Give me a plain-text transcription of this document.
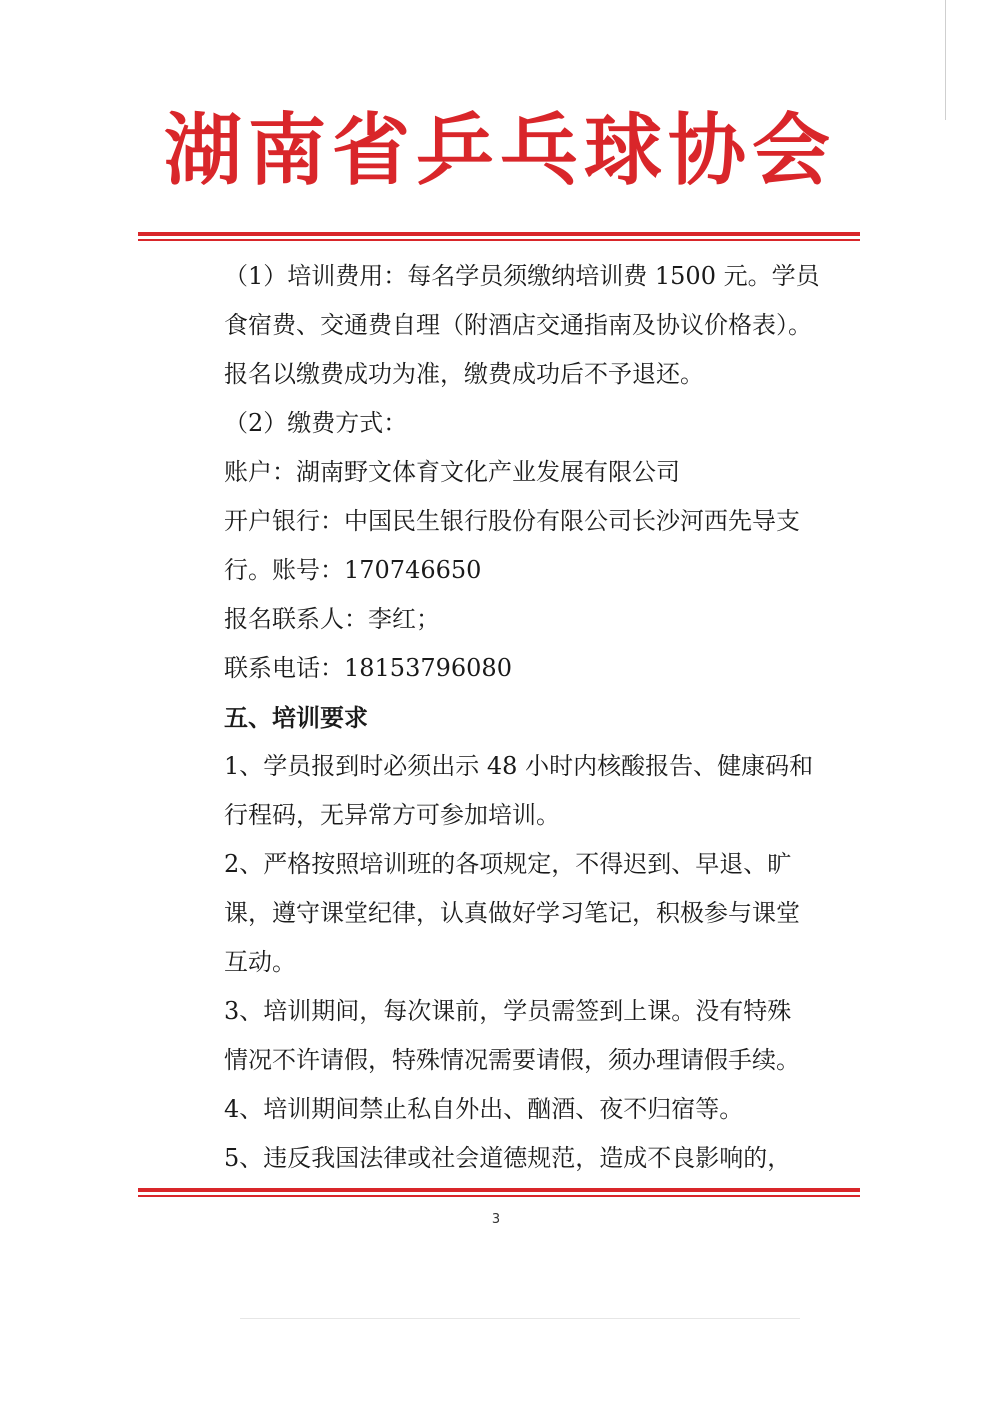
湖南省乒乓球协会

（1）培训费用：每名学员须缴纳培训费 1500 元。学员

食宿费、交通费自理（附酒店交通指南及协议价格表）。

报名以缴费成功为准，缴费成功后不予退还。

（2）缴费方式：

账户：湖南野文体育文化产业发展有限公司

开户银行：中国民生银行股份有限公司长沙河西先导支

行。账号：170746650

报名联系人：李红；

联系电话：18153796080

五、培训要求

1、学员报到时必须出示 48 小时内核酸报告、健康码和

行程码，无异常方可参加培训。

2、严格按照培训班的各项规定，不得迟到、早退、旷

课，遵守课堂纪律，认真做好学习笔记，积极参与课堂

互动。

3、培训期间，每次课前，学员需签到上课。没有特殊

情况不许请假，特殊情况需要请假，须办理请假手续。

4、培训期间禁止私自外出、酗酒、夜不归宿等。

5、违反我国法律或社会道德规范，造成不良影响的，

3
